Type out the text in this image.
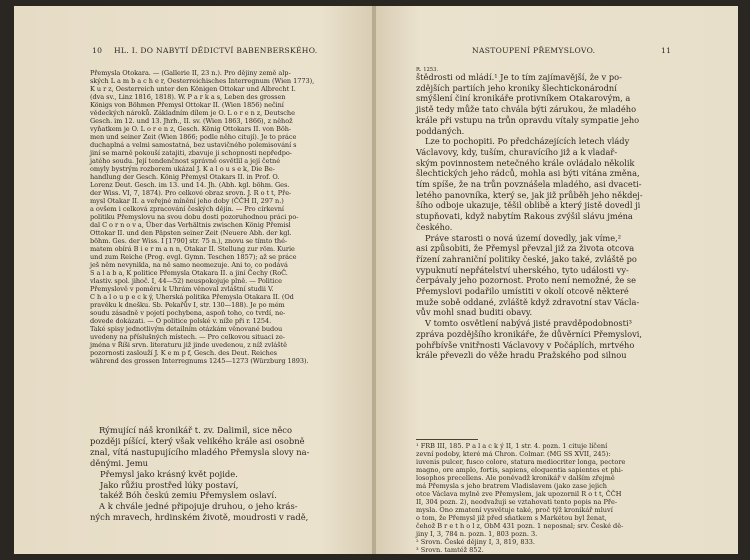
10 HL. I. DO NABYTÍ DĚDICTVÍ BABENBERSKÉHO.
Přemysla Otokara. — (Gallerie II, 23 n.). Pro dějiny země alp-
ských L a m b a c h e r, Oesterreichisches Interregnum (Wien 1773),
K u r z, Oesterreich unter den Königen Ottokar und Albrecht I.
(dva sv., Linz 1816, 1818). W. P a r k a s, Leben des grossen
Königs von Böhmen Přemysl Ottokar II. (Wien 1856) nečiní
vědeckých nároků. Základním dílem je O. L o r e n z, Deutsche
Gesch. im 12. und 13. Jhrh., II. sv. (Wien 1863, 1866), z něhož
vyňatkem je O. L o r e n z, Gesch. König Ottokars II. von Böh-
men und seiner Zeit (Wien 1866; podle něho citují). Je to práce
duchaplná a velmi samostatná, bez ustavičného polemisování s
jiní se marně pokouší zatajiti, zbavuje ji schopnosti nepředpo-
jatého soudu. Její tendenčnost správně osvětlil a její četné
omyly bystrým rozborem ukázal J. K a l o u s e k, Die Be-
handlung der Gesch. König Přemysl Otakars II. in Prof. O.
Lorenz Deut. Gesch. im 13. und 14. Jh. (Abh. kgl. böhm. Ges.
der Wiss. VI, 7, 1874). Pro celkové obraz srovn. J. R o t t, Pře-
mysl Otakar II. a veřejné mínění jeho doby (ČČH II, 297 n.)
a ovšem i celková zpracování českých dějin. — Pro církevní
politiku Přemyslovu na svou dobu dosti pozoruhodnou práci po-
dal C o r n o v a, Über das Verhältnis zwischen König Přemisl
Ottokar II. und den Päpsten seiner Zeit (Neuere Abh. der kgl.
böhm. Ges. der Wiss. I [1790] str. 75 n.), znovu se tímto thé-
matem obírá B i e r m a n n, Otakar II. Stellung zur röm. Kurie
und zum Reiche (Prog. evgl. Gymn. Teschen 1857); až se práce
ješ něm nevynikla, na ně samo neomezuje. Ani to, co podává
S a l a b a, K politice Přemysla Otakara II. a jiní Čechy (RoČ.
vlastiv. spol. jihoč. I, 44—52) neuspokojuje plně. — Politice
Přemyslově v poměru k Uhrám věnoval zvláštní studii V.
C h a l o u p e c k ý, Uherská politika Přemysla Otakara II. (Od
pravěku k dnešku. Sb. Pekařův I, str. 130—188). Je po mém
soudu zásadně v pojetí pochybena, aspoň toho, co tvrdí, ne-
dovede dokázati. — O politice polské v. níže při r. 1254.
Také spisy jednotlivým detailním otázkám věnované budou
uvedeny na příslušných místech. — Pro celkovou situaci ze-
jména v Říši srvn. literaturu již jinde uvedenou, z níž zvláště
pozornosti zaslouží J. K e m p f, Gesch. des Deut. Reiches
während des grossen Interregnums 1245—1273 (Würzburg 1893).
Rýmující náš kronikář t. zv. Dalimil, sice něco
později píšící, který však velikého krále asi osobně
znal, vítá nastupujícího mladého Přemysla slovy na-
děnými. Jemu
Přemysl jako krásný květ pojide.
Jako růžiu prostřed lúky postaví,
takéž Bóh českú zemiu Přemyslem oslaví.
A k chvále jedné připojuje druhou, o jeho krás-
ných mravech, hrdinském životě, moudrosti v radě,
NASTOUPENÍ PŘEMYSLOVO.	11
R. 1253.
štědrosti od mládí.¹ Je to tím zajímavější, že v po-
zdějších partiích jeho kroniky šlechtickonárodní
smýšlení činí kronikáře protivníkem Otakarovým, a
jistě tedy může tato chvála býti zárukou, že mladého
krále při vstupu na trůn opravdu vítaly sympatie jeho
poddaných.
Lze to pochopiti. Po předcházejících letech vlády
Václavovy, kdy, tuším, churavícího již a k vladař-
ským povinnostem netečného krále ovládalo několik
šlechtických jeho rádců, mohla asi býti vítána změna,
tím spíše, že na trůn povznášela mladého, asi dvaceti-
letého panovníka, který se, jak již průběh jeho někdej-
šího odboje ukazuje, těšil oblibě a který jistě dovedl ji
stupňovati, když nabytím Rakous zvýšil slávu jména
českého.
Práve starosti o nová území dovedly, jak víme,²
asi způsobiti, že Přemysl převzal již za života otcova
řízení zahraniční politiky české, jako také, zvláště po
vypuknutí nepřátelství uherského, tyto události vy-
čerpávaly jeho pozornost. Proto není nemožné, že se
Přemyslovi podařilo umístiti v okolí otcově některé
muže sobě oddané, zvláště když zdravotní stav Václa-
vův mohl snad buditi obavy.
V tomto osvětlení nabývá jisté pravděpodobnosti³
zpráva pozdějšího kronikáře, že důvěrníci Přemyslovi,
pohřbívše vnitřnosti Václavovy v Počáplích, mrtvého
krále převezli do věže hradu Pražského pod silnou
¹ FRB III, 185. P a l a c k ý II, 1 str. 4. pozn. 1 cituje líčení
zevní podoby, které má Chron. Colmar. (MG SS XVII, 245):
iuvenis pulcer, fusco colore, statura mediocriter longa, pectore
magno, ore amplo, fortis, sapiens, eloquentia sapientes et phi-
losophos precellens. Ale poněvadž kronikář v dalším zřejmě
má Přemysla s jeho bratrem Vladislavem (jako zase jejich
otce Václava mylně zve Přemyslem, jak upozornil R o t t, ČČH
II, 304 pozn. 2), neodvažuji se vztahovati tento popis na Pře-
mysla. Ono zmatení vysvětuje také, proč týž kronikář mluví
o tom, že Přemysl již před sňatkem s Markétou byl ženat,
čehož B r e t h o l z, ObM 431 pozn. 1 neposnal; srv. České dě-
jiny I, 3, 784 n. pozn. 1, 803 pozn. 3.
² Srovn. České dějiny I, 3, 819, 833.
³ Srovn. tamtéž 852.
